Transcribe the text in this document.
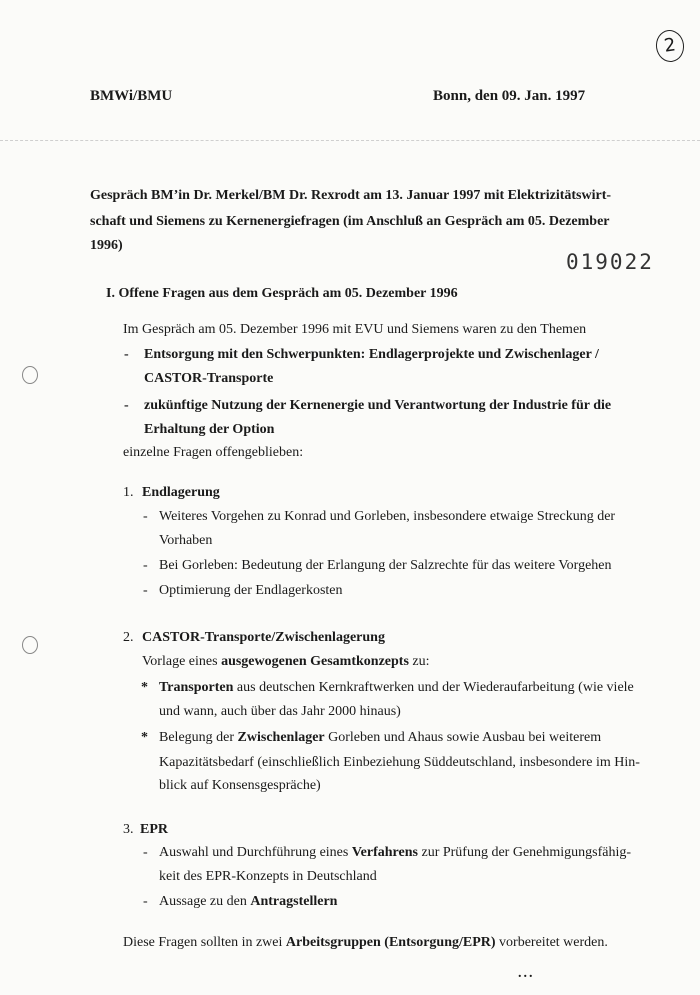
2
BMWi/BMU	Bonn, den 09. Jan. 1997
Gespräch BM’in Dr. Merkel/BM Dr. Rexrodt am 13. Januar 1997 mit Elektrizitätswirt-
schaft und Siemens zu Kernenergiefragen (im Anschluß an Gespräch am 05. Dezember
1996)
019022
I. Offene Fragen aus dem Gespräch am 05. Dezember 1996
Im Gespräch am 05. Dezember 1996 mit EVU und Siemens waren zu den Themen
- Entsorgung mit den Schwerpunkten: Endlagerprojekte und Zwischenlager /
CASTOR-Transporte
- zukünftige Nutzung der Kernenergie und Verantwortung der Industrie für die
Erhaltung der Option
einzelne Fragen offengeblieben:
1. Endlagerung
- Weiteres Vorgehen zu Konrad und Gorleben, insbesondere etwaige Streckung der
Vorhaben
- Bei Gorleben: Bedeutung der Erlangung der Salzrechte für das weitere Vorgehen
- Optimierung der Endlagerkosten
2. CASTOR-Transporte/Zwischenlagerung
Vorlage eines ausgewogenen Gesamtkonzepts zu:
* Transporten aus deutschen Kernkraftwerken und der Wiederaufarbeitung (wie viele
und wann, auch über das Jahr 2000 hinaus)
* Belegung der Zwischenlager Gorleben und Ahaus sowie Ausbau bei weiterem
Kapazitätsbedarf (einschließlich Einbeziehung Süddeutschland, insbesondere im Hin-
blick auf Konsensgespräche)
3. EPR
- Auswahl und Durchführung eines Verfahrens zur Prüfung der Genehmigungsfähig-
keit des EPR-Konzepts in Deutschland
- Aussage zu den Antragstellern
Diese Fragen sollten in zwei Arbeitsgruppen (Entsorgung/EPR) vorbereitet werden.
...
